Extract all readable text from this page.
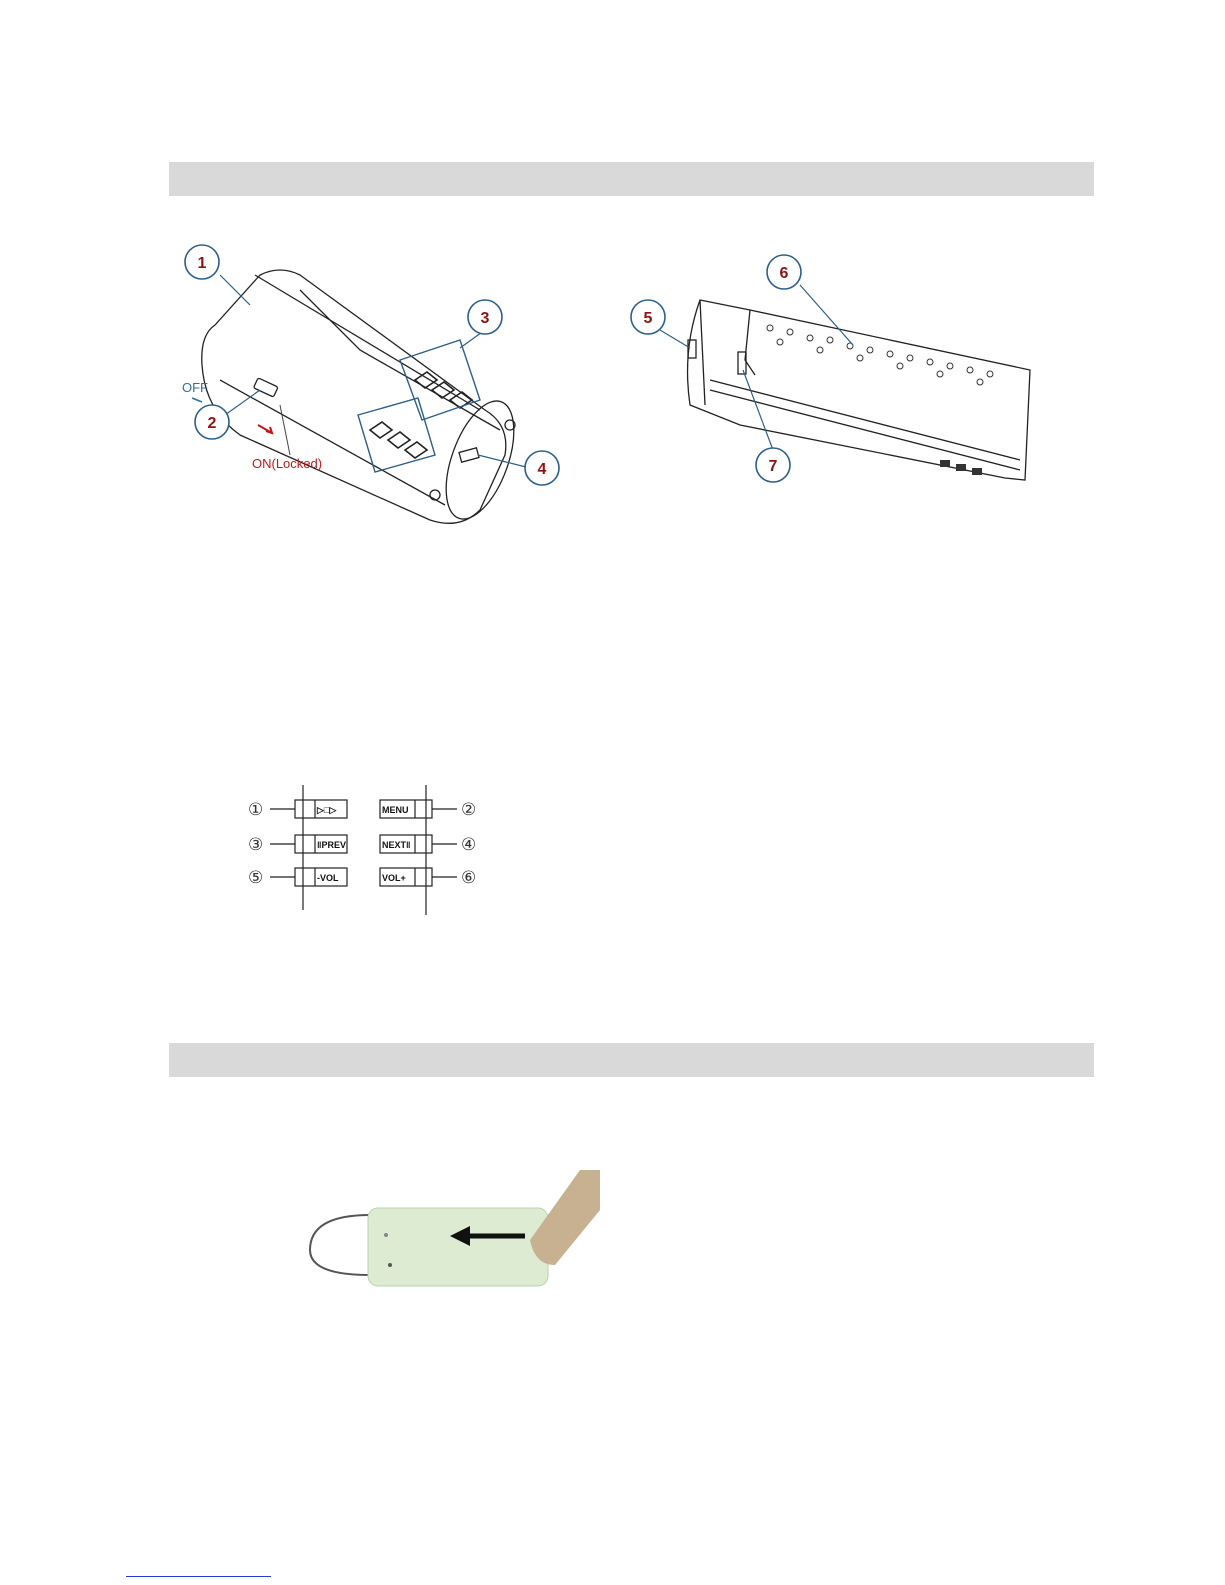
1
2
3
4
OFF
ON(Locked)
5
6
7
①
③
⑤
②
④
⑥
▷□▷
‖PREV
-VOL
MENU
NEXT‖
VOL+
